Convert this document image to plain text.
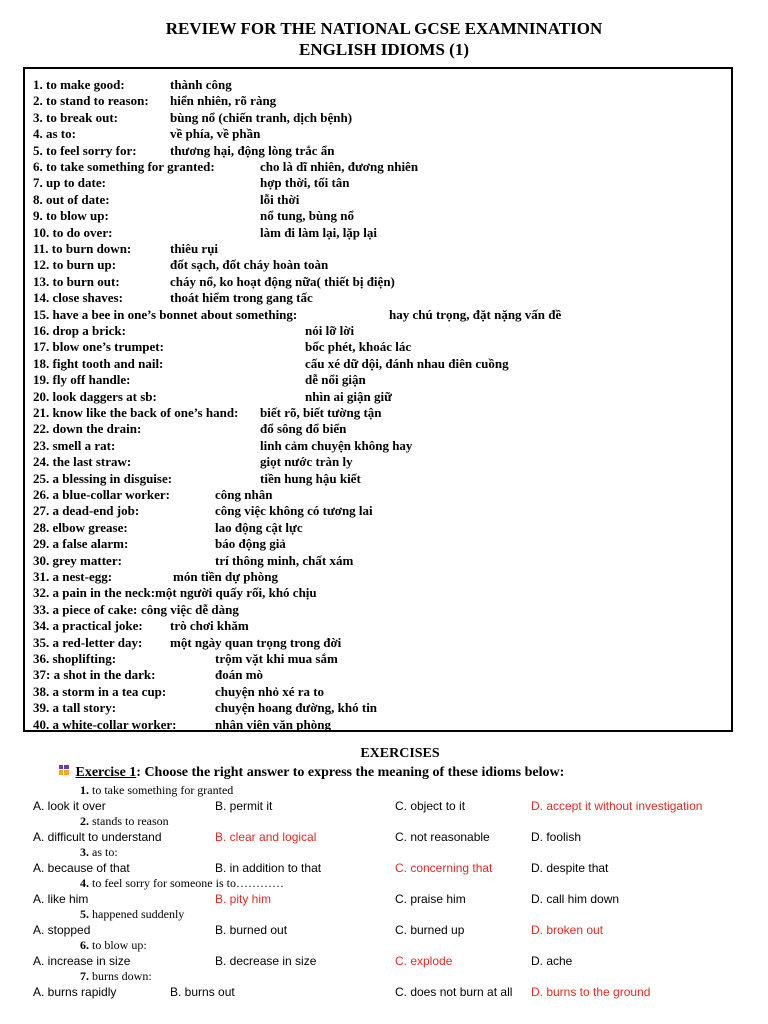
REVIEW FOR THE NATIONAL GCSE EXAMNINATION
ENGLISH IDIOMS (1)
1. to make good:	thành công
2. to stand to reason: hiển nhiên, rõ ràng
3. to break out:	bùng nổ (chiến tranh, dịch bệnh)
4. as to:	về phía, về phần
5. to feel sorry for:	thương hại, động lòng trắc ẩn
6. to take something for granted:	cho là dĩ nhiên, đương nhiên
7. up to date:	hợp thời, tối tân
8. out of date:	lỗi thời
9. to blow up:	nổ tung, bùng nổ
10. to do over:	làm đi làm lại, lặp lại
11. to burn down:	thiêu rụi
12. to burn up:	đốt sạch, đốt cháy hoàn toàn
13. to burn out:	cháy nổ, ko hoạt động nữa( thiết bị điện)
14. close shaves:	thoát hiểm trong gang tấc
15. have a bee in one’s bonnet about something:	hay chú trọng, đặt nặng vấn đề
16. drop a brick:	nói lỡ lời
17. blow one’s trumpet:	bốc phét, khoác lác
18. fight tooth and nail:	cấu xé dữ dội, đánh nhau điên cuồng
19. fly off handle:	dễ nổi giận
20. look daggers at sb:	nhìn ai giận giữ
21. know like the back of one’s hand: biết rõ, biết tường tận
22. down the drain:	đổ sông đổ biển
23. smell a rat:	linh cảm chuyện không hay
24. the last straw:	giọt nước tràn ly
25. a blessing in disguise:	tiền hung hậu kiết
26. a blue-collar worker:	công nhân
27. a dead-end job:	công việc không có tương lai
28. elbow grease:	lao động cật lực
29. a false alarm:	báo động giả
30. grey matter:	trí thông minh, chất xám
31. a nest-egg:	món tiền dự phòng
32. a pain in the neck: một người quấy rối, khó chịu
33. a piece of cake: công việc dễ dàng
34. a practical joke: trò chơi khăm
35. a red-letter day: một ngày quan trọng trong đời
36. shoplifting:	trộm vặt khi mua sắm
37: a shot in the dark:	đoán mò
38. a storm in a tea cup:	chuyện nhỏ xé ra to
39. a tall story:	chuyện hoang đường, khó tin
40. a white-collar worker:	nhân viên văn phòng
EXERCISES
Exercise 1: Choose the right answer to express the meaning of these idioms below:
1. to take something for granted
A. look it over	B. permit it	C. object to it	D. accept it without investigation
2. stands to reason
A. difficult to understand	B. clear and logical	C. not reasonable	D. foolish
3. as to:
A. because of that	B. in addition to that	C. concerning that	D. despite that
4. to feel sorry for someone is to…………
A. like him	B. pity him	C. praise him	D. call him down
5. happened suddenly
A. stopped	B. burned out	C. burned up	D. broken out
6. to blow up:
A. increase in size	B. decrease in size	C. explode	D. ache
7. burns down:
A. burns rapidly	B. burns out	C. does not burn at all D. burns to the ground
